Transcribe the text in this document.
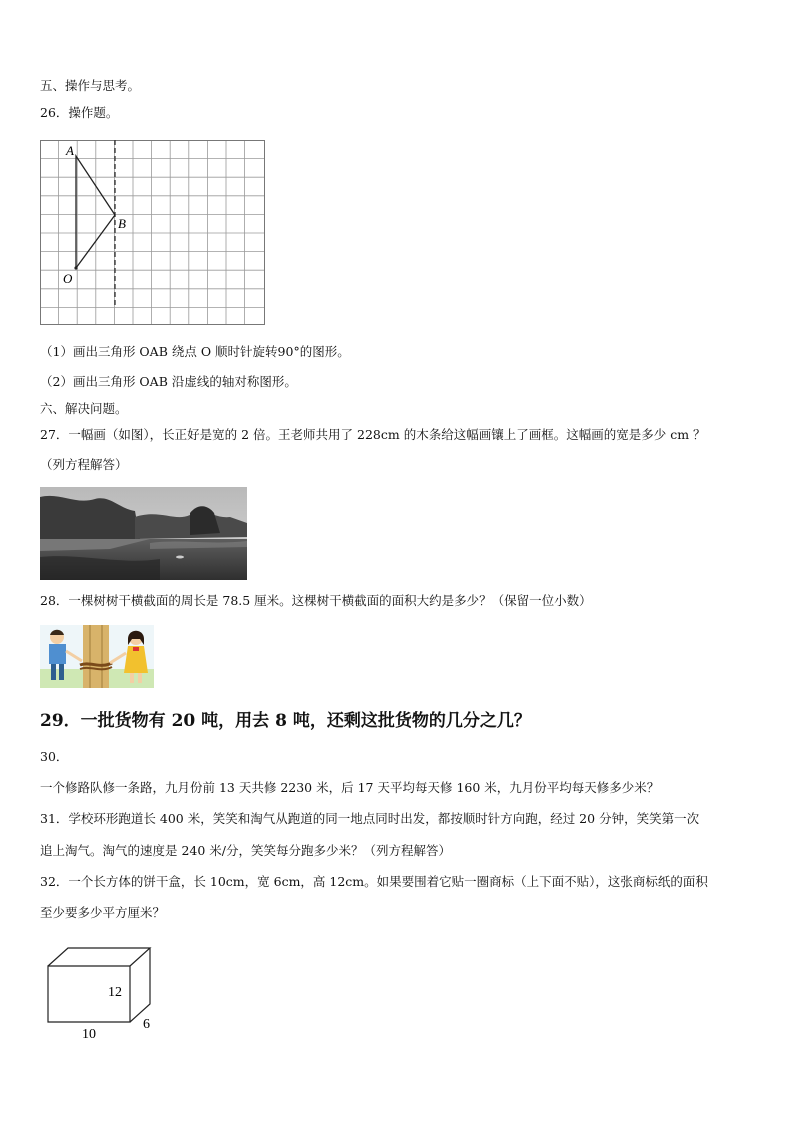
五、操作与思考。
26．操作题。
A
B
O
（1）画出三角形 OAB 绕点 O 顺时针旋转90°的图形。
（2）画出三角形 OAB 沿虚线的轴对称图形。
六、解决问题。
27．一幅画（如图），长正好是宽的 2 倍。王老师共用了 228cm 的木条给这幅画镶上了画框。这幅画的宽是多少 cm ？
（列方程解答）
28．一棵树树干横截面的周长是 78.5 厘米。这棵树干横截面的面积大约是多少？（保留一位小数）
29．一批货物有 20 吨，用去 8 吨，还剩这批货物的几分之几？
30．
一个修路队修一条路，九月份前 13 天共修 2230 米，后 17 天平均每天修 160 米，九月份平均每天修多少米？
31．学校环形跑道长 400 米，笑笑和淘气从跑道的同一地点同时出发，都按顺时针方向跑，经过 20 分钟，笑笑第一次
追上淘气。淘气的速度是 240 米/分，笑笑每分跑多少米？（列方程解答）
32．一个长方体的饼干盒，长 10cm，宽 6cm，高 12cm。如果要围着它贴一圈商标（上下面不贴），这张商标纸的面积
至少要多少平方厘米？
12
6
10
